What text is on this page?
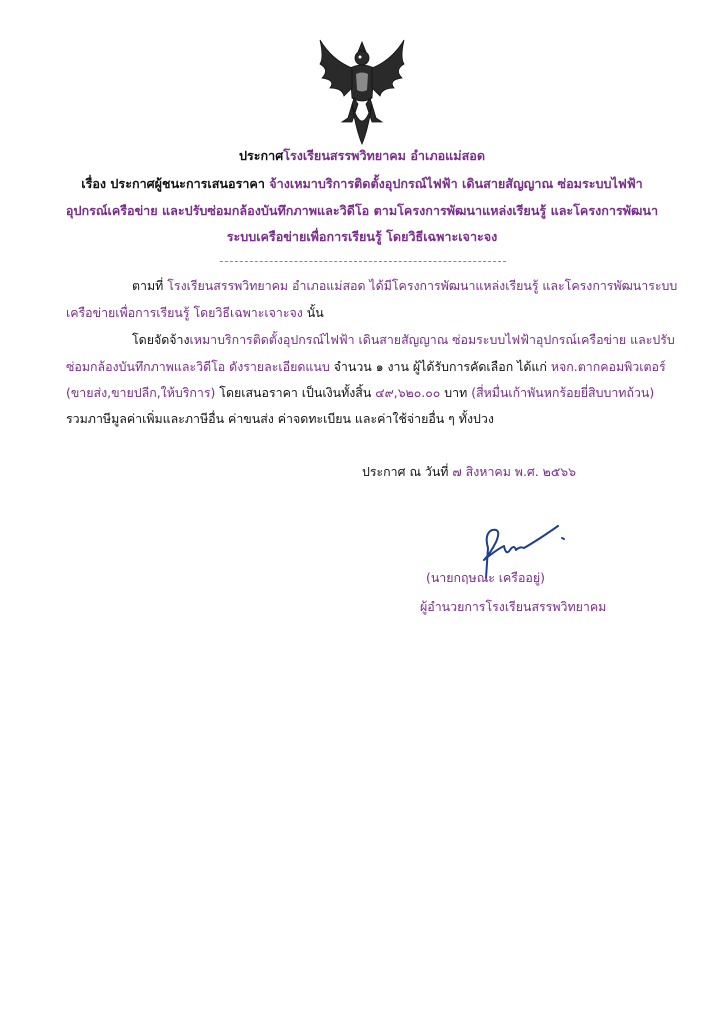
ประกาศโรงเรียนสรรพวิทยาคม อำเภอแม่สอด
เรื่อง ประกาศผู้ชนะการเสนอราคา จ้างเหมาบริการติดตั้งอุปกรณ์ไฟฟ้า เดินสายสัญญาณ ซ่อมระบบไฟฟ้า
อุปกรณ์เครือข่าย และปรับซ่อมกล้องบันทึกภาพและวิดีโอ ตามโครงการพัฒนาแหล่งเรียนรู้ และโครงการพัฒนา
ระบบเครือข่ายเพื่อการเรียนรู้ โดยวิธีเฉพาะเจาะจง
ตามที่ โรงเรียนสรรพวิทยาคม อำเภอแม่สอด ได้มีโครงการพัฒนาแหล่งเรียนรู้ และโครงการพัฒนาระบบ
เครือข่ายเพื่อการเรียนรู้ โดยวิธีเฉพาะเจาะจง นั้น
โดยจัดจ้างเหมาบริการติดตั้งอุปกรณ์ไฟฟ้า เดินสายสัญญาณ ซ่อมระบบไฟฟ้าอุปกรณ์เครือข่าย และปรับ
ซ่อมกล้องบันทึกภาพและวิดีโอ ดังรายละเอียดแนบ จำนวน ๑ งาน ผู้ได้รับการคัดเลือก ได้แก่ หจก.ตากคอมพิวเตอร์
(ขายส่ง,ขายปลีก,ให้บริการ) โดยเสนอราคา เป็นเงินทั้งสิ้น ๔๙,๖๒๐.๐๐ บาท (สี่หมื่นเก้าพันหกร้อยยี่สิบบาทถ้วน)
รวมภาษีมูลค่าเพิ่มและภาษีอื่น ค่าขนส่ง ค่าจดทะเบียน และค่าใช้จ่ายอื่น ๆ ทั้งปวง
ประกาศ ณ วันที่ ๗ สิงหาคม พ.ศ. ๒๕๖๖
(นายกฤษณะ เครืออยู่)
ผู้อำนวยการโรงเรียนสรรพวิทยาคม
